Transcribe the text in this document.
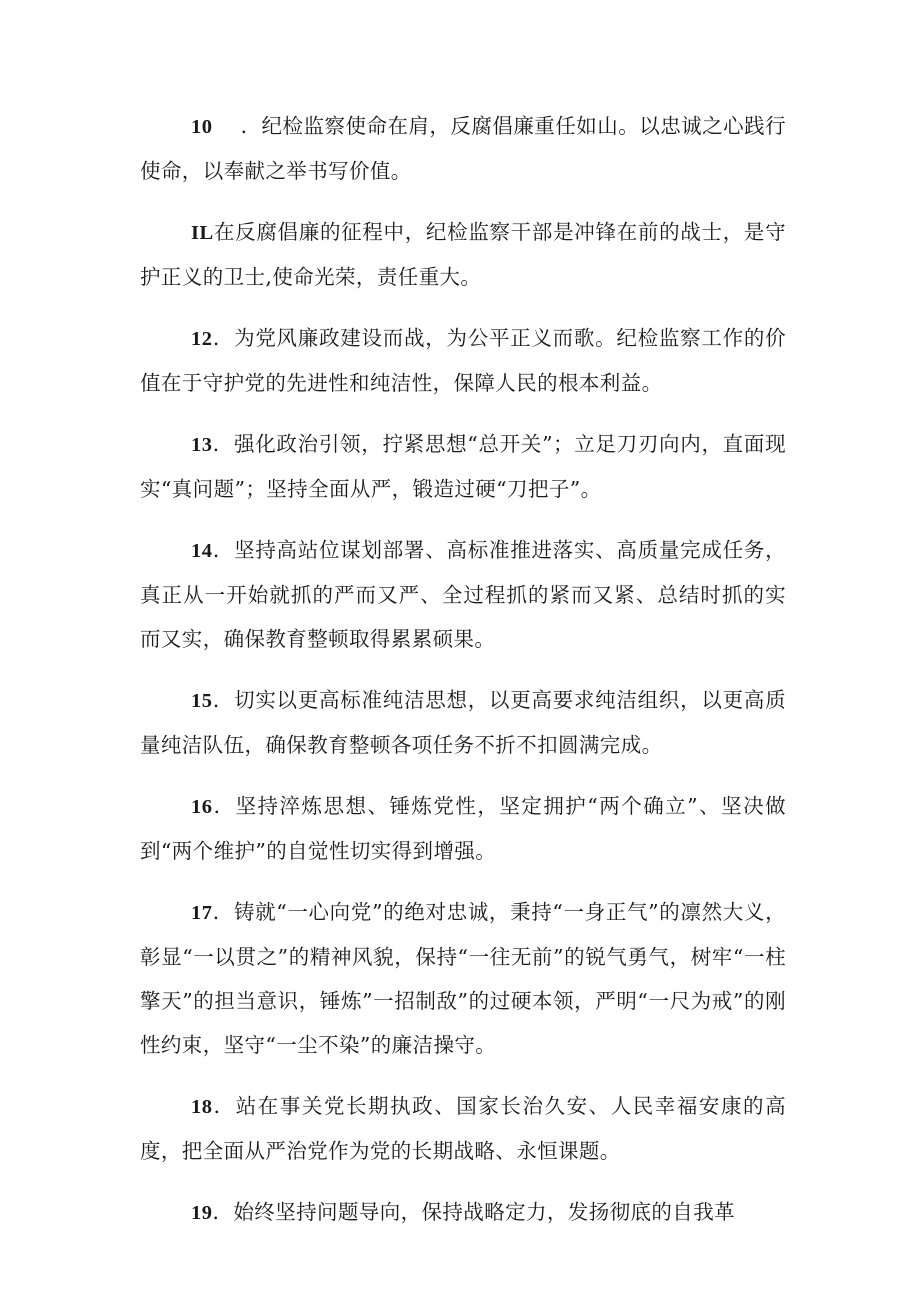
10 ．纪检监察使命在肩，反腐倡廉重任如山。以忠诚之心践行使命，以奉献之举书写价值。

IL在反腐倡廉的征程中，纪检监察干部是冲锋在前的战士，是守护正义的卫士,使命光荣，责任重大。

12．为党风廉政建设而战，为公平正义而歌。纪检监察工作的价值在于守护党的先进性和纯洁性，保障人民的根本利益。

13．强化政治引领，拧紧思想“总开关”；立足刀刃向内，直面现实“真问题”；坚持全面从严，锻造过硬“刀把子”。

14．坚持高站位谋划部署、高标准推进落实、高质量完成任务，真正从一开始就抓的严而又严、全过程抓的紧而又紧、总结时抓的实而又实，确保教育整顿取得累累硕果。

15．切实以更高标准纯洁思想，以更高要求纯洁组织，以更高质量纯洁队伍，确保教育整顿各项任务不折不扣圆满完成。

16．坚持淬炼思想、锤炼党性，坚定拥护“两个确立”、坚决做到“两个维护”的自觉性切实得到增强。

17．铸就“一心向党”的绝对忠诚，秉持“一身正气”的凛然大义，彰显“一以贯之”的精神风貌，保持“一往无前”的锐气勇气，树牢“一柱擎天”的担当意识，锤炼”一招制敌”的过硬本领，严明“一尺为戒”的刚性约束，坚守“一尘不染”的廉洁操守。

18．站在事关党长期执政、国家长治久安、人民幸福安康的高度，把全面从严治党作为党的长期战略、永恒课题。

19．始终坚持问题导向，保持战略定力，发扬彻底的自我革
